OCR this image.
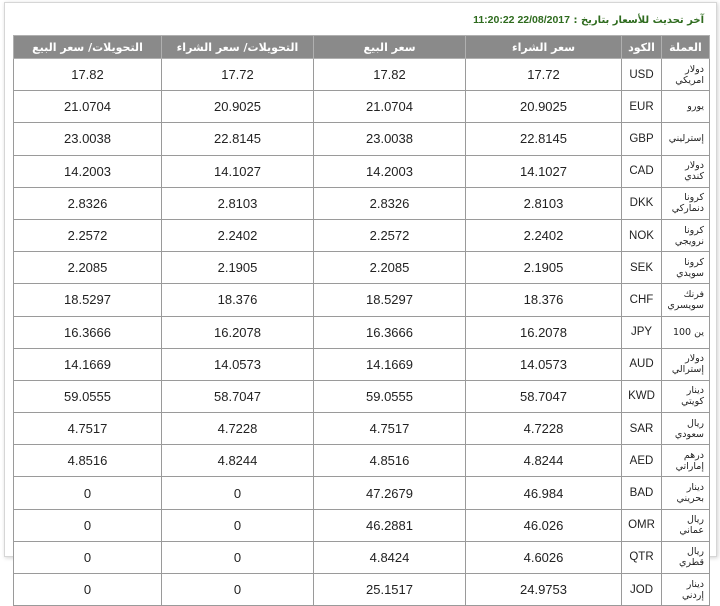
آخر تحديث للأسعار بتاريخ : 22/08/2017 11:20:22
العملة	الكود	سعر الشراء	سعر البيع	التحويلات/ سعر الشراء	التحويلات/ سعر البيع
دولار امريكي	USD	17.72	17.82	17.72	17.82
يورو	EUR	20.9025	21.0704	20.9025	21.0704
إسترليني	GBP	22.8145	23.0038	22.8145	23.0038
دولار كندي	CAD	14.1027	14.2003	14.1027	14.2003
كرونا دنماركي	DKK	2.8103	2.8326	2.8103	2.8326
كرونا نرويجي	NOK	2.2402	2.2572	2.2402	2.2572
كرونا سويدي	SEK	2.1905	2.2085	2.1905	2.2085
فرنك سويسري	CHF	18.376	18.5297	18.376	18.5297
ين 100	JPY	16.2078	16.3666	16.2078	16.3666
دولار إسترالي	AUD	14.0573	14.1669	14.0573	14.1669
دينار كويتي	KWD	58.7047	59.0555	58.7047	59.0555
ريال سعودي	SAR	4.7228	4.7517	4.7228	4.7517
درهم إماراتي	AED	4.8244	4.8516	4.8244	4.8516
دينار بحريني	BAD	46.984	47.2679	0	0
ريال عماني	OMR	46.026	46.2881	0	0
ريال قطري	QTR	4.6026	4.8424	0	0
دينار إردني	JOD	24.9753	25.1517	0	0
